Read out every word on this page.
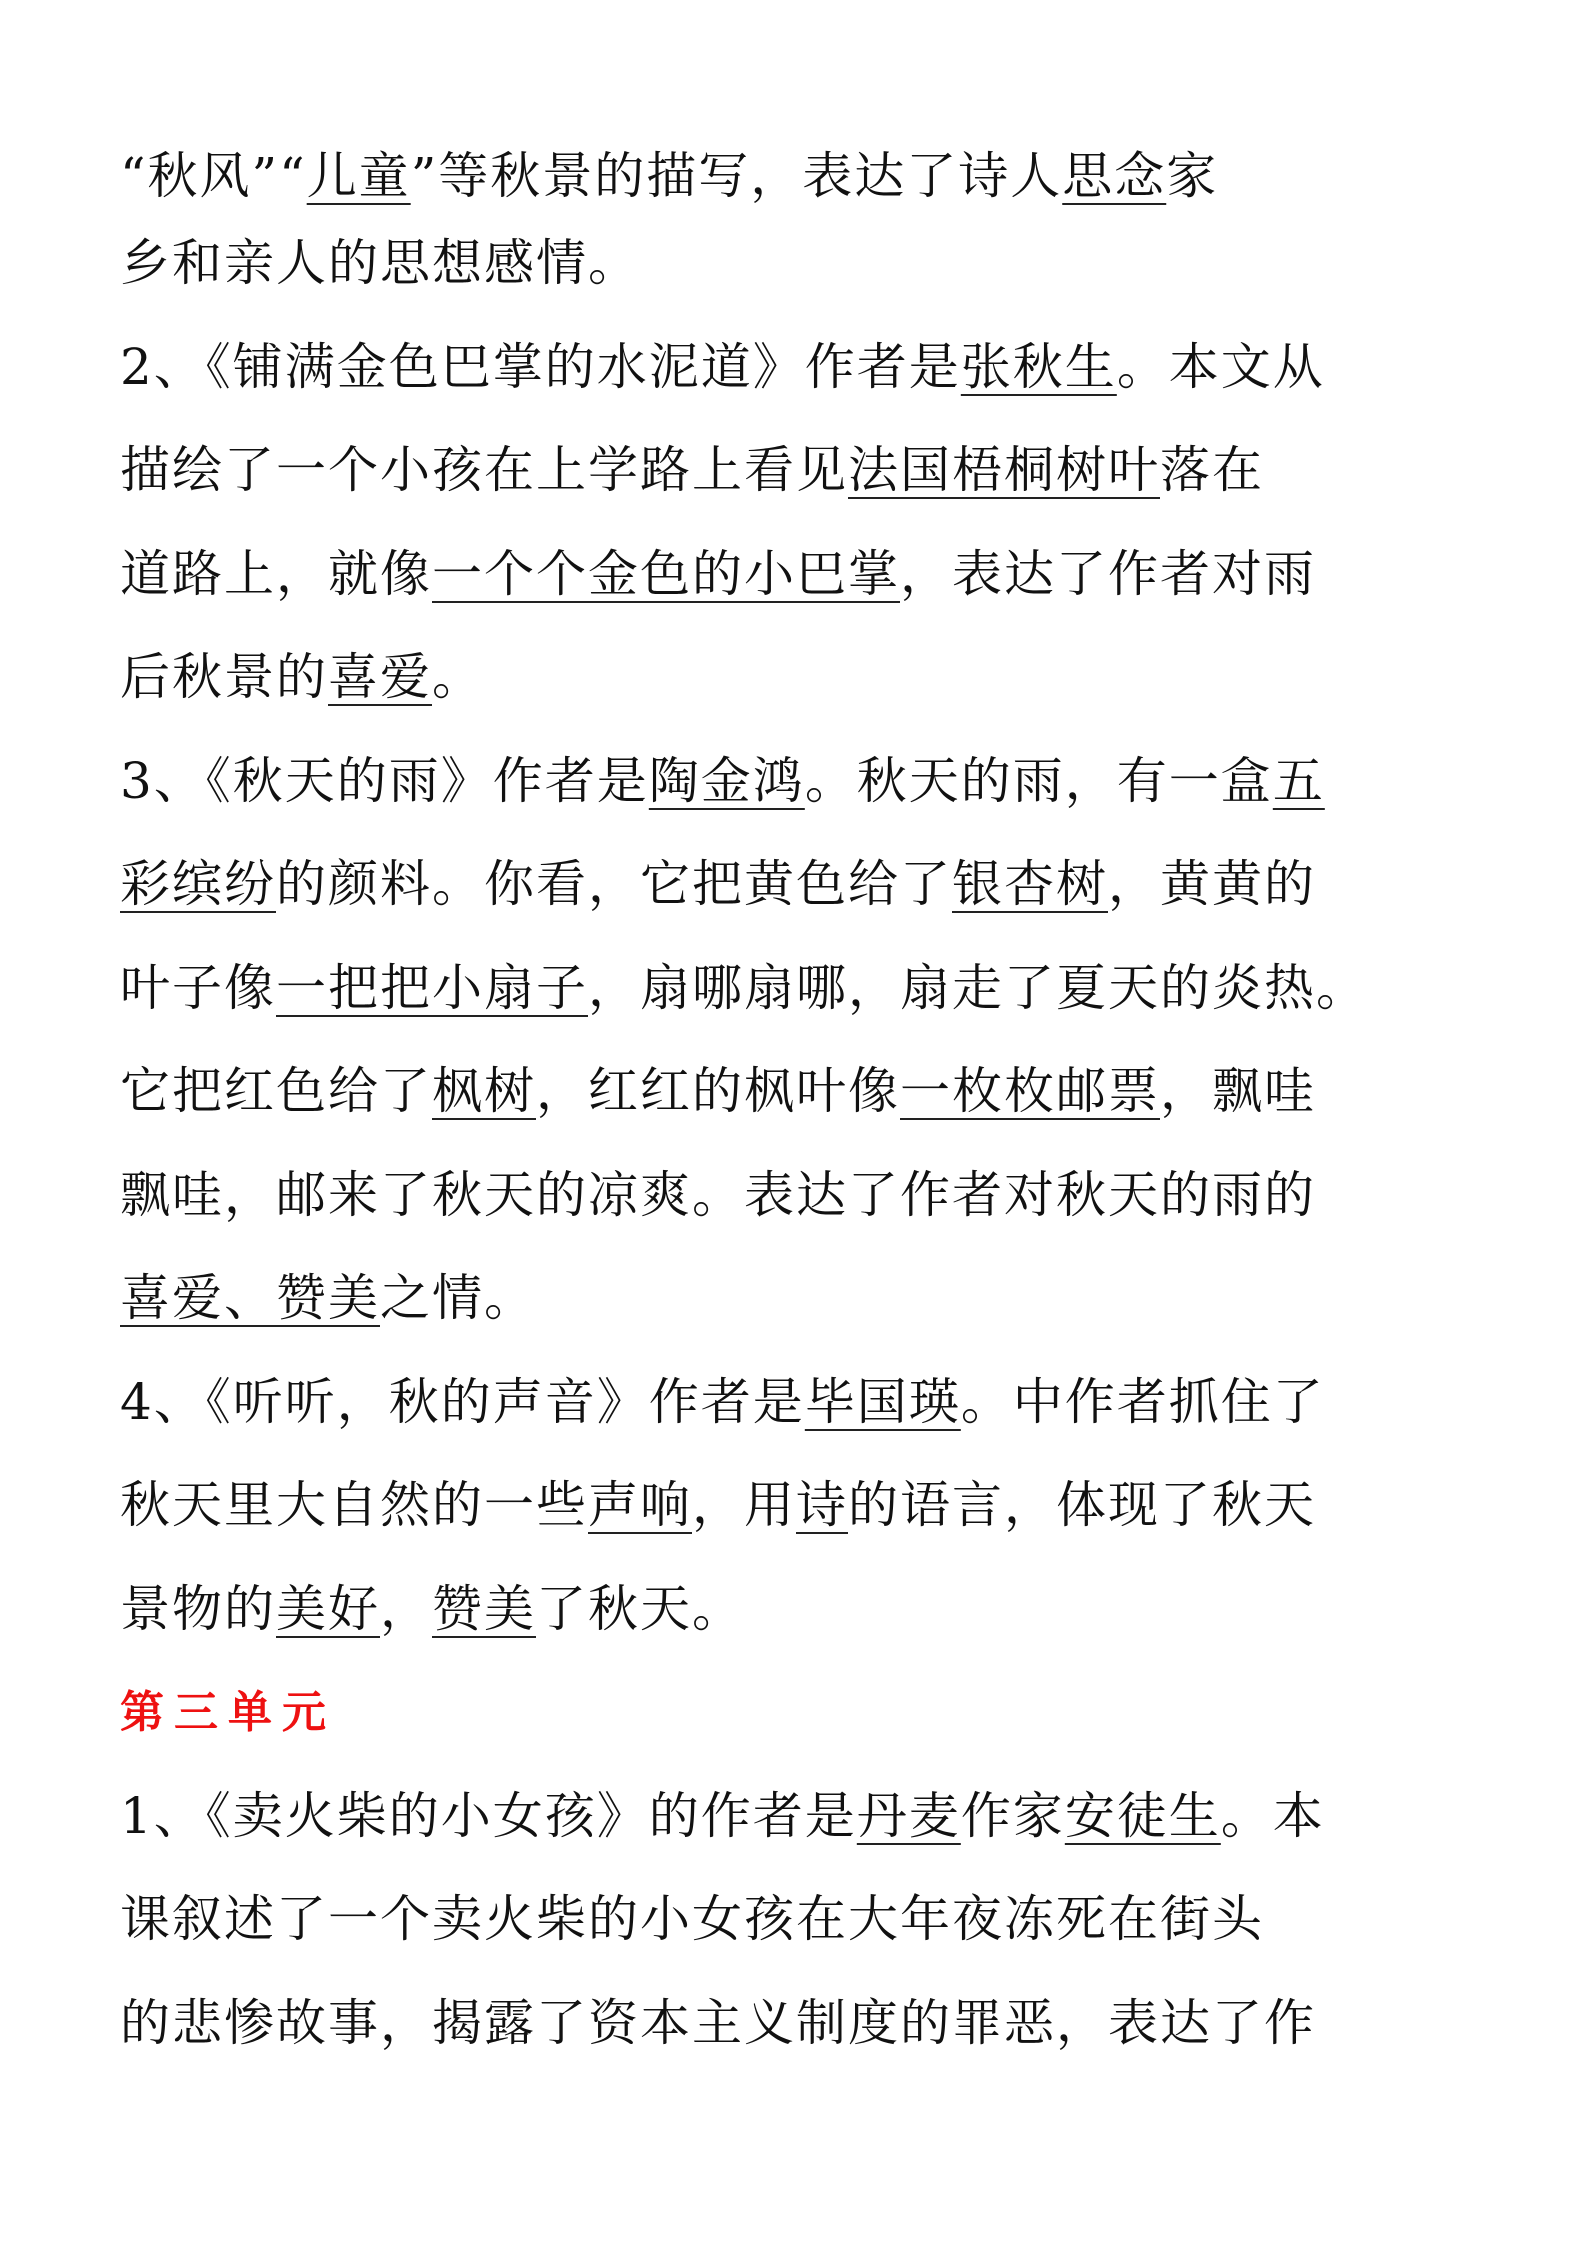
“秋风”“儿童”等秋景的描写，表达了诗人思念家
乡和亲人的思想感情。
2、《铺满金色巴掌的水泥道》作者是张秋生。本文从
描绘了一个小孩在上学路上看见法国梧桐树叶落在
道路上，就像一个个金色的小巴掌，表达了作者对雨
后秋景的喜爱。
3、《秋天的雨》作者是陶金鸿。秋天的雨，有一盒五
彩缤纷的颜料。你看，它把黄色给了银杏树，黄黄的
叶子像一把把小扇子，扇哪扇哪，扇走了夏天的炎热。
它把红色给了枫树，红红的枫叶像一枚枚邮票，飘哇
飘哇，邮来了秋天的凉爽。表达了作者对秋天的雨的
喜爱、赞美之情。
4、《听听，秋的声音》作者是毕国瑛。中作者抓住了
秋天里大自然的一些声响，用诗的语言，体现了秋天
景物的美好，赞美了秋天。
第三单元
1、《卖火柴的小女孩》的作者是丹麦作家安徒生。本
课叙述了一个卖火柴的小女孩在大年夜冻死在街头
的悲惨故事，揭露了资本主义制度的罪恶，表达了作
